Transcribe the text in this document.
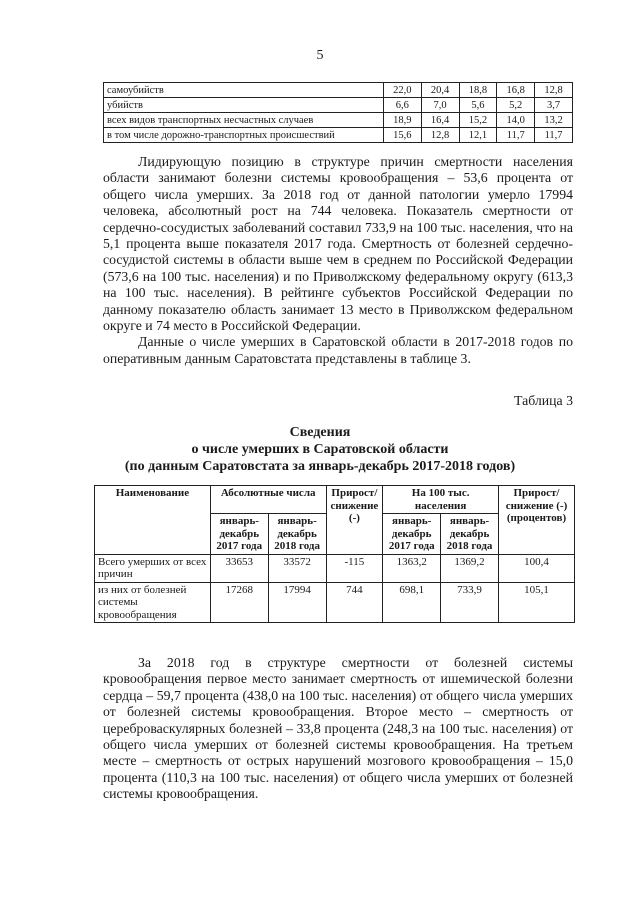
5
самоубийств	22,0	20,4	18,8	16,8	12,8
убийств	6,6	7,0	5,6	5,2	3,7
всех видов транспортных несчастных случаев	18,9	16,4	15,2	14,0	13,2
в том числе дорожно-транспортных происшествий	15,6	12,8	12,1	11,7	11,7

Лидирующую позицию в структуре причин смертности населения области занимают болезни системы кровообращения – 53,6 процента от общего числа умерших. За 2018 год от данной патологии умерло 17994 человека, абсолютный рост на 744 человека. Показатель смертности от сердечно-сосудистых заболеваний составил 733,9 на 100 тыс. населения, что на 5,1 процента выше показателя 2017 года. Смертность от болезней сердечно-сосудистой системы в области выше чем в среднем по Российской Федерации (573,6 на 100 тыс. населения) и по Приволжскому федеральному округу (613,3 на 100 тыс. населения). В рейтинге субъектов Российской Федерации по данному показателю область занимает 13 место в Приволжском федеральном округе и 74 место в Российской Федерации.

Данные о числе умерших в Саратовской области в 2017-2018 годов по оперативным данным Саратовстата представлены в таблице 3.

Таблица 3
Сведения
о числе умерших в Саратовской области
(по данным Саратовстата за январь-декабрь 2017-2018 годов)
Наименование	Абсолютные числа		Прирост/ снижение (-)	На 100 тыс. населения		Прирост/ снижение (-) (процентов)
	январь-декабрь 2017 года	январь-декабрь 2018 года		январь-декабрь 2017 года	январь-декабрь 2018 года	
Всего умерших от всех причин	33653	33572	-115	1363,2	1369,2	100,4
из них от болезней системы кровообращения	17268	17994	744	698,1	733,9	105,1

За 2018 год в структуре смертности от болезней системы кровообращения первое место занимает смертность от ишемической болезни сердца – 59,7 процента (438,0 на 100 тыс. населения) от общего числа умерших от болезней системы кровообращения. Второе место – смертность от цереброваскулярных болезней – 33,8 процента (248,3 на 100 тыс. населения) от общего числа умерших от болезней системы кровообращения. На третьем месте – смертность от острых нарушений мозгового кровообращения – 15,0 процента (110,3 на 100 тыс. населения) от общего числа умерших от болезней системы кровообращения.
